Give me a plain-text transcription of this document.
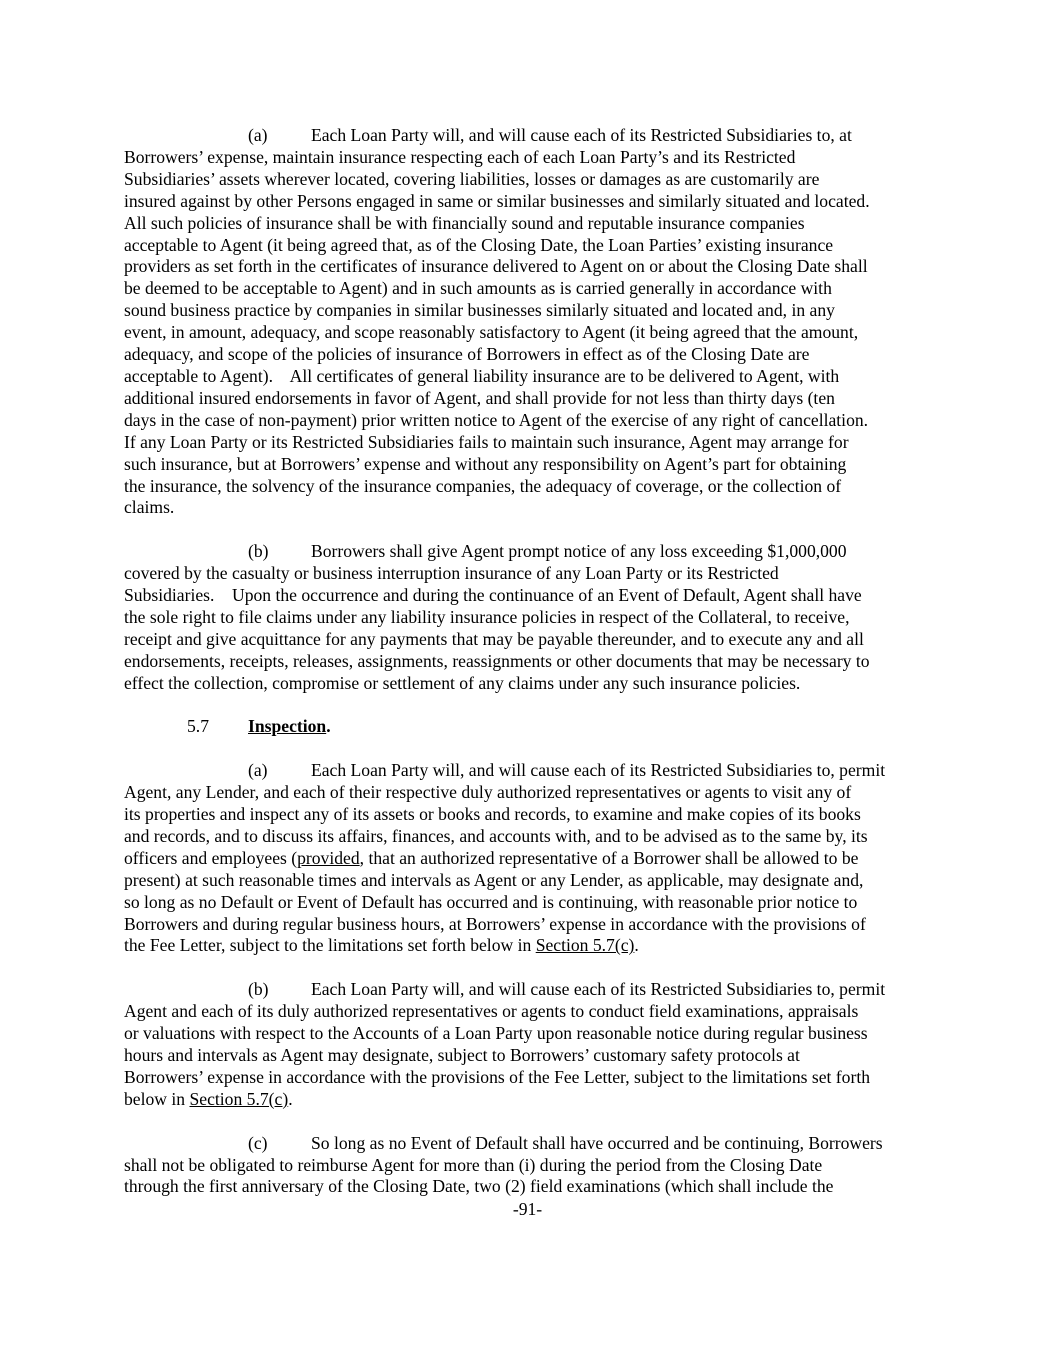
(a) Each Loan Party will, and will cause each of its Restricted Subsidiaries to, at
Borrowers’ expense, maintain insurance respecting each of each Loan Party’s and its Restricted
Subsidiaries’ assets wherever located, covering liabilities, losses or damages as are customarily are
insured against by other Persons engaged in same or similar businesses and similarly situated and located.
All such policies of insurance shall be with financially sound and reputable insurance companies
acceptable to Agent (it being agreed that, as of the Closing Date, the Loan Parties’ existing insurance
providers as set forth in the certificates of insurance delivered to Agent on or about the Closing Date shall
be deemed to be acceptable to Agent) and in such amounts as is carried generally in accordance with
sound business practice by companies in similar businesses similarly situated and located and, in any
event, in amount, adequacy, and scope reasonably satisfactory to Agent (it being agreed that the amount,
adequacy, and scope of the policies of insurance of Borrowers in effect as of the Closing Date are
acceptable to Agent).    All certificates of general liability insurance are to be delivered to Agent, with
additional insured endorsements in favor of Agent, and shall provide for not less than thirty days (ten
days in the case of non-payment) prior written notice to Agent of the exercise of any right of cancellation.
If any Loan Party or its Restricted Subsidiaries fails to maintain such insurance, Agent may arrange for
such insurance, but at Borrowers’ expense and without any responsibility on Agent’s part for obtaining
the insurance, the solvency of the insurance companies, the adequacy of coverage, or the collection of
claims.
(b) Borrowers shall give Agent prompt notice of any loss exceeding $1,000,000
covered by the casualty or business interruption insurance of any Loan Party or its Restricted
Subsidiaries.    Upon the occurrence and during the continuance of an Event of Default, Agent shall have
the sole right to file claims under any liability insurance policies in respect of the Collateral, to receive,
receipt and give acquittance for any payments that may be payable thereunder, and to execute any and all
endorsements, receipts, releases, assignments, reassignments or other documents that may be necessary to
effect the collection, compromise or settlement of any claims under any such insurance policies.
5.7 Inspection.
(a) Each Loan Party will, and will cause each of its Restricted Subsidiaries to, permit
Agent, any Lender, and each of their respective duly authorized representatives or agents to visit any of
its properties and inspect any of its assets or books and records, to examine and make copies of its books
and records, and to discuss its affairs, finances, and accounts with, and to be advised as to the same by, its
officers and employees (provided, that an authorized representative of a Borrower shall be allowed to be
present) at such reasonable times and intervals as Agent or any Lender, as applicable, may designate and,
so long as no Default or Event of Default has occurred and is continuing, with reasonable prior notice to
Borrowers and during regular business hours, at Borrowers’ expense in accordance with the provisions of
the Fee Letter, subject to the limitations set forth below in Section 5.7(c).
(b) Each Loan Party will, and will cause each of its Restricted Subsidiaries to, permit
Agent and each of its duly authorized representatives or agents to conduct field examinations, appraisals
or valuations with respect to the Accounts of a Loan Party upon reasonable notice during regular business
hours and intervals as Agent may designate, subject to Borrowers’ customary safety protocols at
Borrowers’ expense in accordance with the provisions of the Fee Letter, subject to the limitations set forth
below in Section 5.7(c).
(c) So long as no Event of Default shall have occurred and be continuing, Borrowers
shall not be obligated to reimburse Agent for more than (i) during the period from the Closing Date
through the first anniversary of the Closing Date, two (2) field examinations (which shall include the
-91-
